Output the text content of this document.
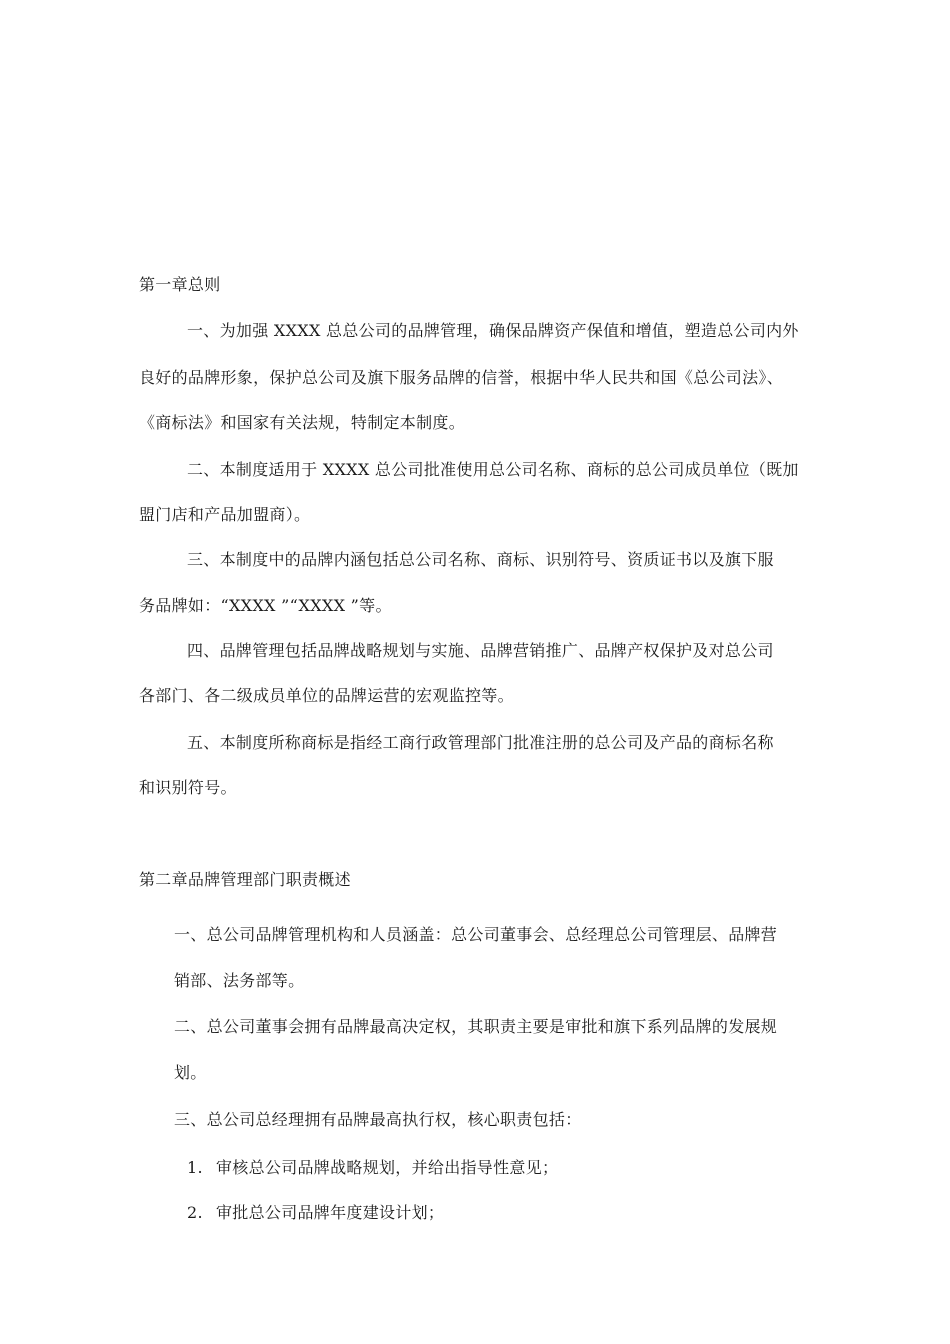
第一章总则
一、为加强 XXXX 总总公司的品牌管理，确保品牌资产保值和增值，塑造总公司内外
良好的品牌形象，保护总公司及旗下服务品牌的信誉，根据中华人民共和国《总公司法》、
《商标法》和国家有关法规，特制定本制度。
二、本制度适用于 XXXX 总公司批准使用总公司名称、商标的总公司成员单位（既加
盟门店和产品加盟商）。
三、本制度中的品牌内涵包括总公司名称、商标、识别符号、资质证书以及旗下服
务品牌如：“XXXX ”“XXXX ”等。
四、品牌管理包括品牌战略规划与实施、品牌营销推广、品牌产权保护及对总公司
各部门、各二级成员单位的品牌运营的宏观监控等。
五、本制度所称商标是指经工商行政管理部门批准注册的总公司及产品的商标名称
和识别符号。
第二章品牌管理部门职责概述
一、总公司品牌管理机构和人员涵盖：总公司董事会、总经理总公司管理层、品牌营
销部、法务部等。
二、总公司董事会拥有品牌最高决定权，其职责主要是审批和旗下系列品牌的发展规
划。
三、总公司总经理拥有品牌最高执行权，核心职责包括：
1. 审核总公司品牌战略规划，并给出指导性意见；
2. 审批总公司品牌年度建设计划；
